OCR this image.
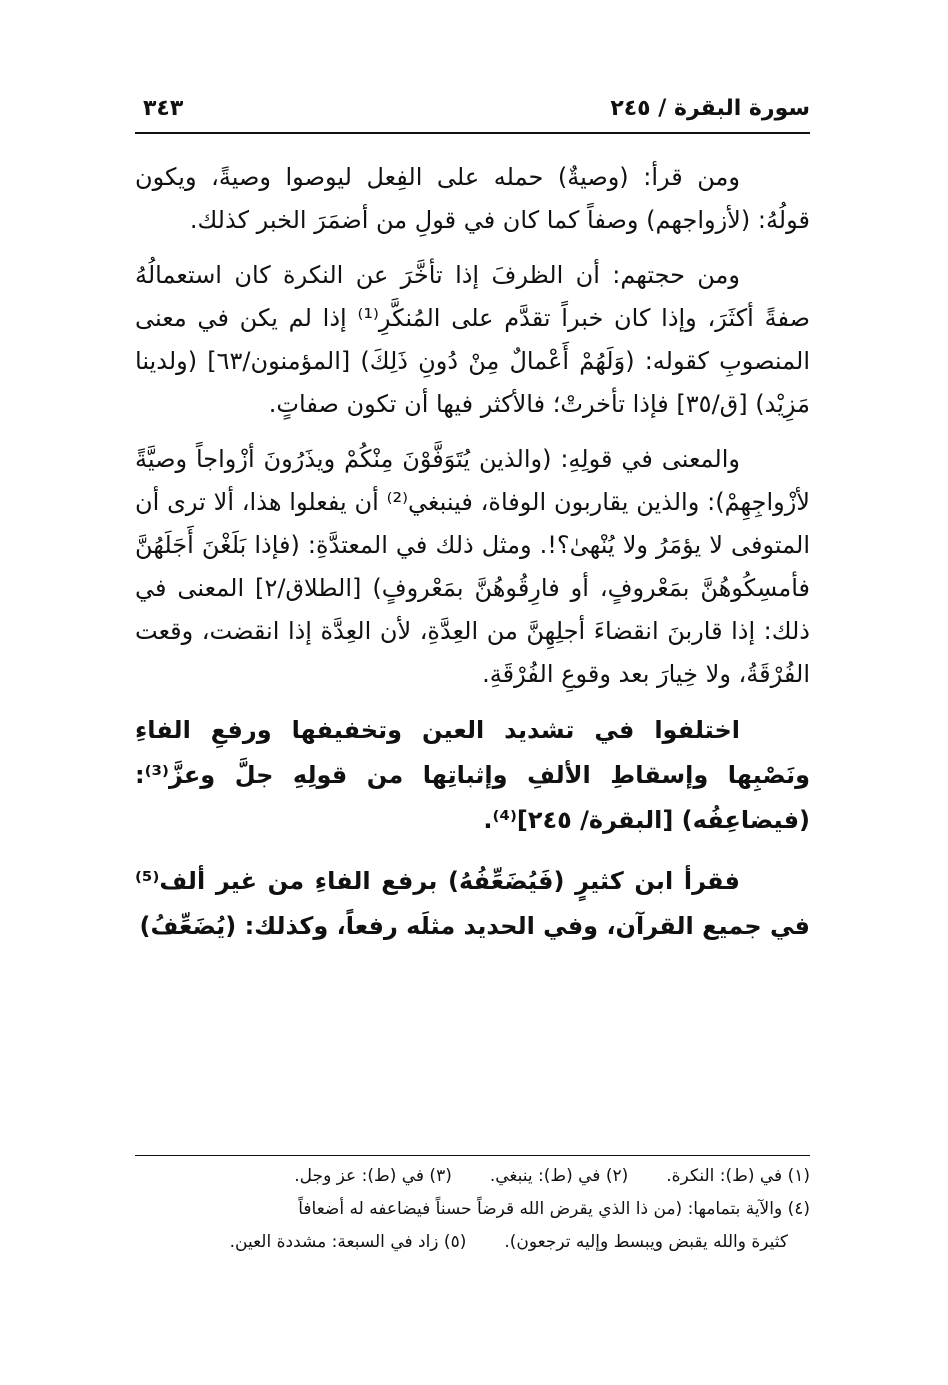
سورة البقرة / ٢٤٥
٣٤٣

ومن قرأ: (وصيةٌ) حمله على الفِعل ليوصوا وصيةً، ويكون قولُهُ: (لأزواجهم) وصفاً كما كان في قولِ من أضمَرَ الخبر كذلك.

ومن حجتهم: أن الظرفَ إذا تأخَّرَ عن النكرة كان استعمالُهُ صفةً أكثَرَ، وإذا كان خبراً تقدَّم على المُنكَّرِ⁽¹⁾ إذا لم يكن في معنى المنصوبِ كقوله: (وَلَهُمْ أَعْمالٌ مِنْ دُونِ ذَلِكَ) [المؤمنون/٦٣] (ولدينا مَزِيْد) [ق/٣٥] فإذا تأخرتْ؛ فالأكثر فيها أن تكون صفاتٍ.

والمعنى في قولِهِ: (والذين يُتَوَفَّوْنَ مِنْكُمْ ويذَرُونَ أزْواجاً وصيَّةً لأزْواجِهِمْ): والذين يقاربون الوفاة، فينبغي⁽²⁾ أن يفعلوا هذا، ألا ترى أن المتوفى لا يؤمَرُ ولا يُنْهىٰ؟!. ومثل ذلك في المعتدَّةِ: (فإذا بَلَغْنَ أَجَلَهُنَّ فأمسِكُوهُنَّ بمَعْروفٍ، أو فارِقُوهُنَّ بمَعْروفٍ) [الطلاق/٢] المعنى في ذلك: إذا قاربنَ انقضاءَ أجلِهِنَّ من العِدَّةِ، لأن العِدَّة إذا انقضت، وقعت الفُرْقَةُ، ولا خِيارَ بعد وقوعِ الفُرْقَةِ.

اختلفوا في تشديد العين وتخفيفها ورفعِ الفاءِ ونَصْبِها وإسقاطِ الألفِ وإثباتِها من قولِهِ جلَّ وعزَّ⁽³⁾: (فيضاعِفُه) [البقرة/ ٢٤٥]⁽⁴⁾.

فقرأ ابن كثيرٍ (فَيُضَعِّفُهُ) برفع الفاءِ من غير ألف⁽⁵⁾ في جميع القرآن، وفي الحديد مثلَه رفعاً، وكذلك: (يُضَعِّفُ)

(١) في (ط): النكرة.
(٢) في (ط): ينبغي.
(٣) في (ط): عز وجل.

(٤) والآية بتمامها: (من ذا الذي يقرض الله قرضاً حسناً فيضاعفه له أضعافاً

كثيرة والله يقبض ويبسط وإليه ترجعون).
(٥) زاد في السبعة: مشددة العين.
